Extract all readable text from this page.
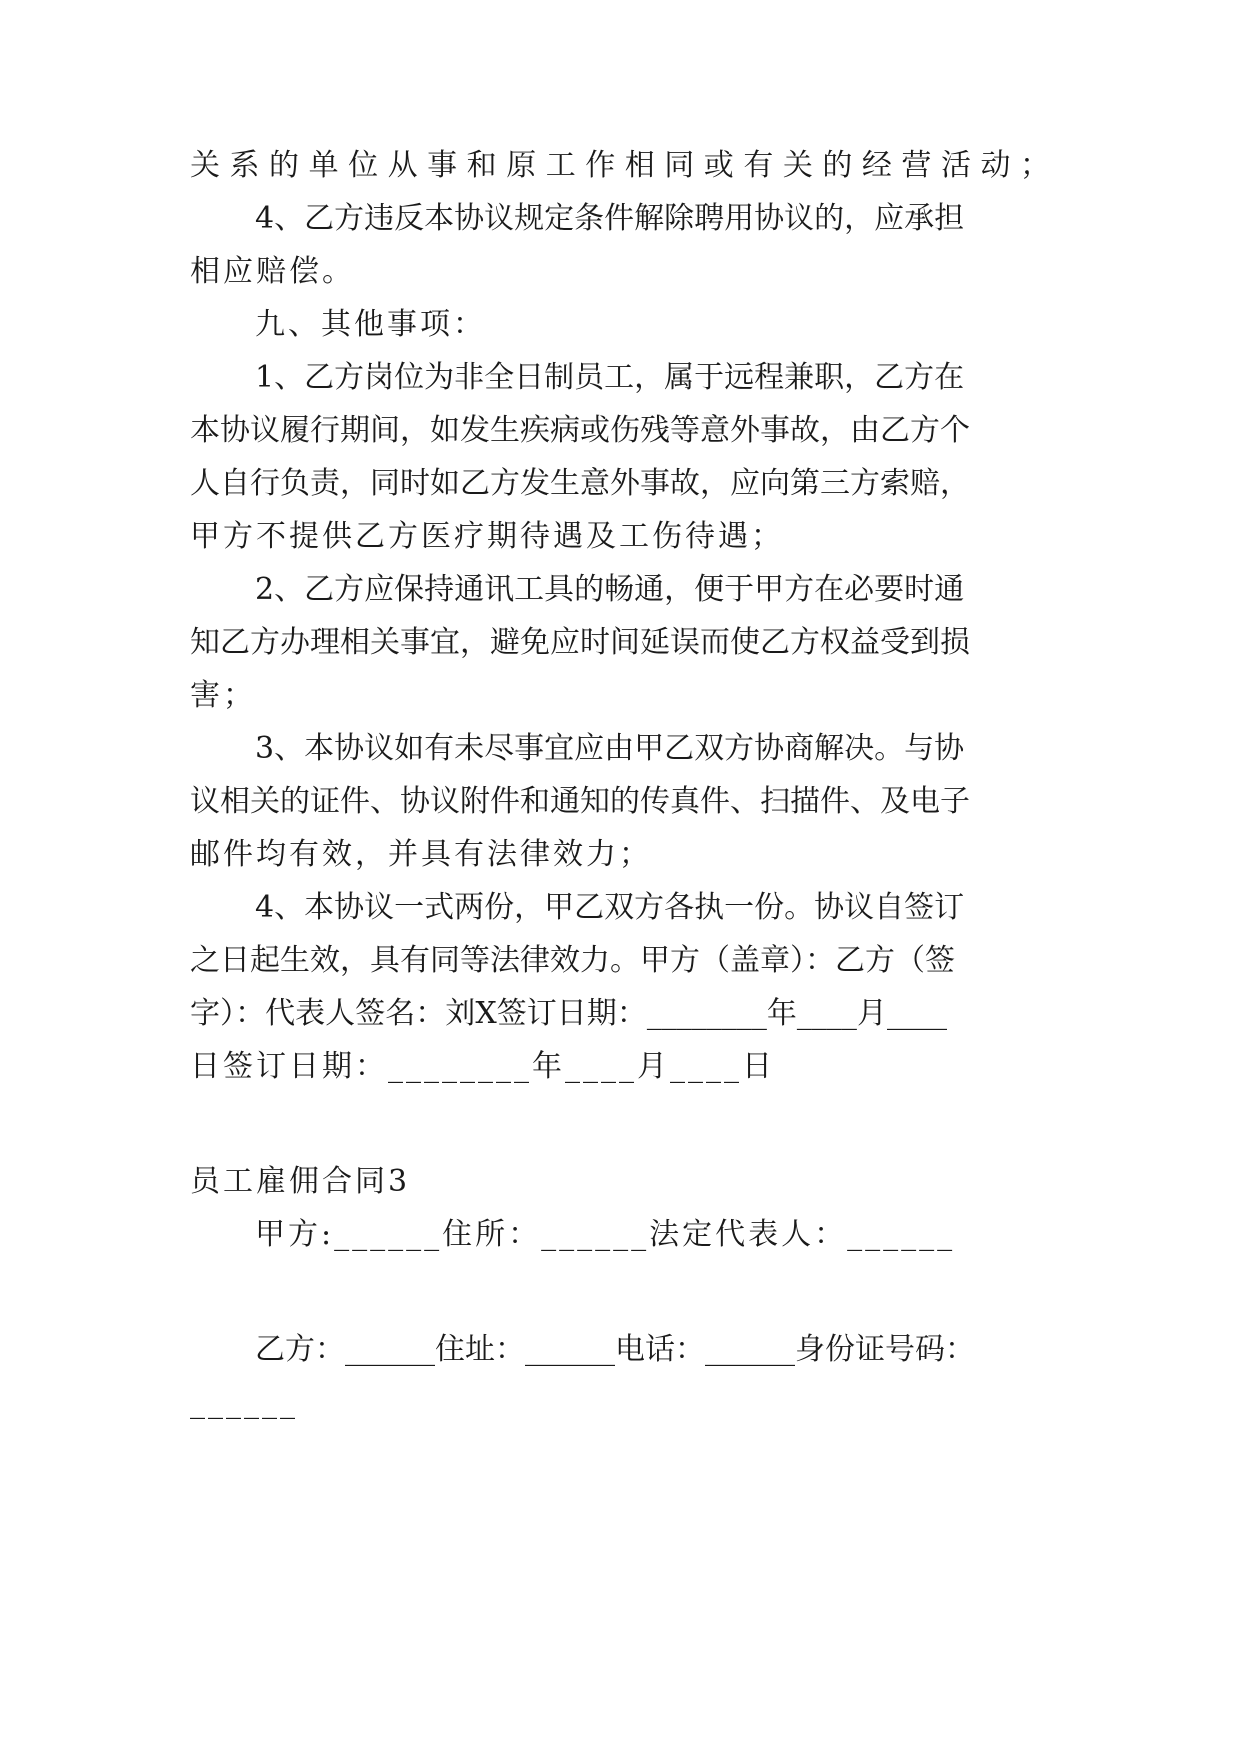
关系的单位从事和原工作相同或有关的经营活动；
4、乙方违反本协议规定条件解除聘用协议的，应承担
相应赔偿。
九、其他事项：
1、乙方岗位为非全日制员工，属于远程兼职，乙方在
本协议履行期间，如发生疾病或伤残等意外事故，由乙方个
人自行负责，同时如乙方发生意外事故，应向第三方索赔，
甲方不提供乙方医疗期待遇及工伤待遇；
2、乙方应保持通讯工具的畅通，便于甲方在必要时通
知乙方办理相关事宜，避免应时间延误而使乙方权益受到损
害；
3、本协议如有未尽事宜应由甲乙双方协商解决。与协
议相关的证件、协议附件和通知的传真件、扫描件、及电子
邮件均有效，并具有法律效力；
4、本协议一式两份，甲乙双方各执一份。协议自签订
之日起生效，具有同等法律效力。甲方（盖章）：乙方（签
字）：代表人签名：刘X签订日期：________年____月____
日签订日期：________年____月____日
员工雇佣合同3
甲方:______住所：______法定代表人：______
乙方：______住址：______电话：______身份证号码：
______
